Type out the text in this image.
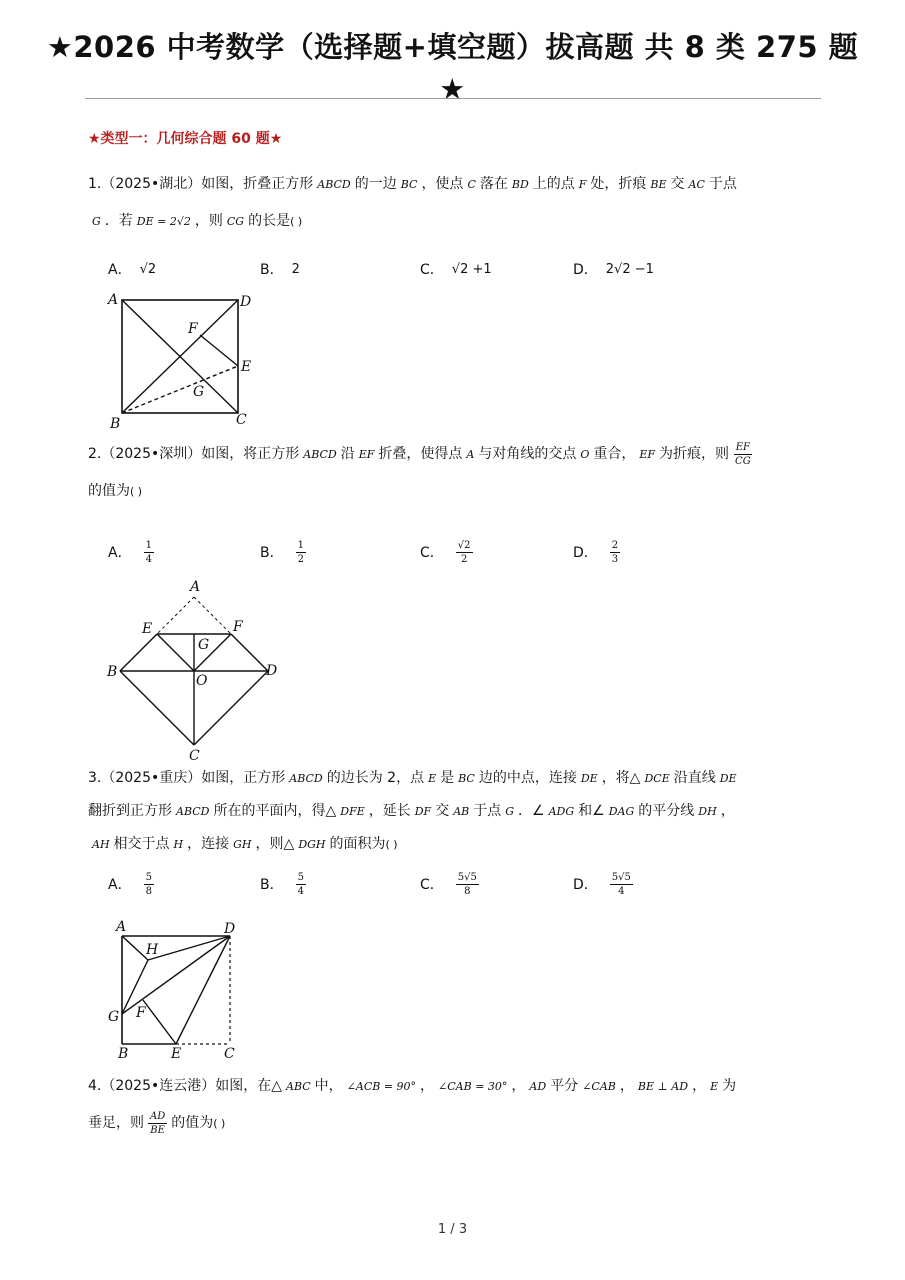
★2026 中考数学（选择题+填空题）拔高题 共 8 类 275 题
★
★类型一：几何综合题 60 题★
1.（2025•湖北）如图，折叠正方形 ABCD 的一边 BC ，使点 C 落在 BD 上的点 F 处，折痕 BE 交 AC 于点
G ．若 DE = 2√2 ，则 CG 的长是( )
A． √2	B． 2	C． √2 +1	D． 2√2 −1
A	D
F
E
G
B	C
2.（2025•深圳）如图，将正方形 ABCD 沿 EF 折叠，使得点 A 与对角线的交点 O 重合， EF 为折痕，则 $\frac{EF}{CG}$

的值为( )
A． $\frac{1}{4}$	B． $\frac{1}{2}$	C． $\frac{√2}{2}$	D． $\frac{2}{3}$
A
E	F
G
B	D
O
C
3.（2025•重庆）如图，正方形 ABCD 的边长为 2，点 E 是 BC 边的中点，连接 DE ，将△ DCE 沿直线 DE
翻折到正方形 ABCD 所在的平面内，得△ DFE ，延长 DF 交 AB 于点 G ．∠ ADG 和∠ DAG 的平分线 DH ，
AH 相交于点 H ，连接 GH ，则△ DGH 的面积为( )
A． $\frac{5}{8}$	B． $\frac{5}{4}$	C． $\frac{5√5}{8}$	D． $\frac{5√5}{4}$
A	D
H
F
G
B	E	C
4.（2025•连云港）如图，在△ ABC 中， ∠ACB = 90° ， ∠CAB = 30° ， AD 平分 ∠CAB ， BE ⊥ AD ， E 为
垂足，则 $\frac{AD}{BE}$ 的值为( )
1 / 3
